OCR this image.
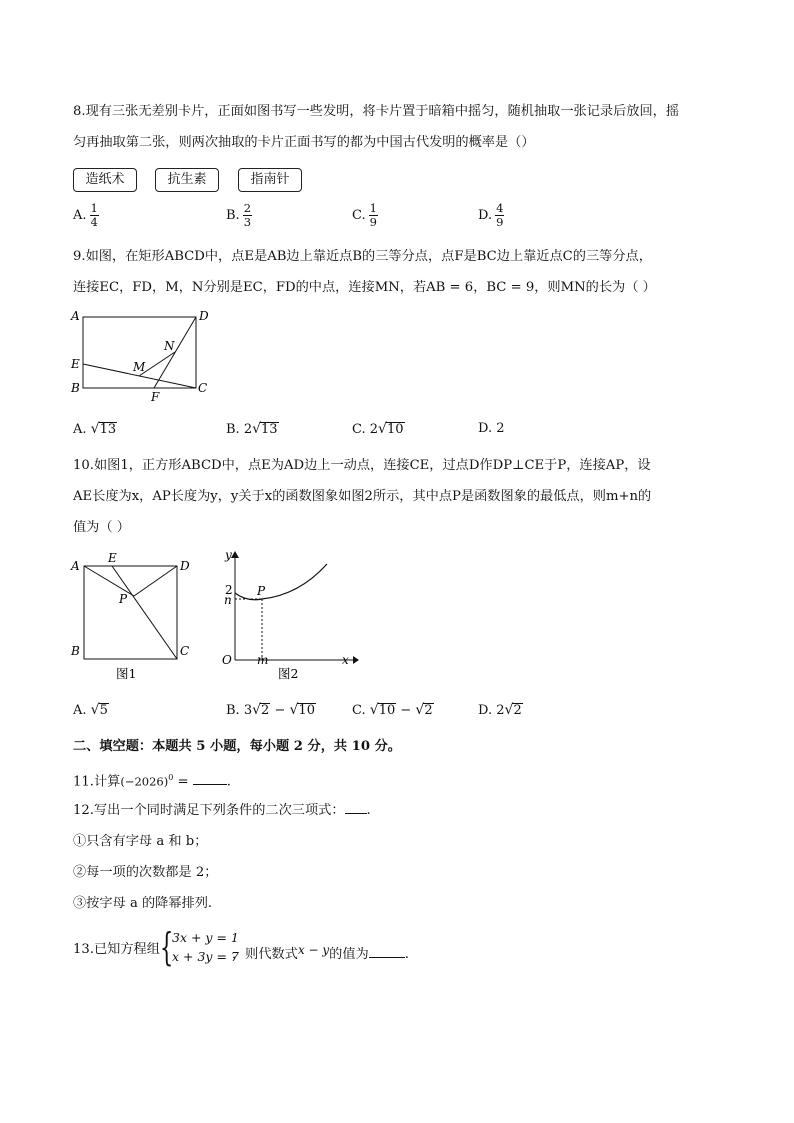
8.现有三张无差别卡片，正面如图书写一些发明，将卡片置于暗箱中摇匀，随机抽取一张记录后放回，摇
匀再抽取第二张，则两次抽取的卡片正面书写的都为中国古代发明的概率是（）
造纸术	抗生素	指南针
A. $\frac{1}{4}$	B. $\frac{2}{3}$	C. $\frac{1}{9}$	D. $\frac{4}{9}$
9.如图，在矩形ABCD中，点E是AB边上靠近点B的三等分点，点F是BC边上靠近点C的三等分点，
连接EC，FD，M，N分别是EC，FD的中点，连接MN，若AB = 6，BC = 9，则MN的长为（ ）
A	D
E
N
M
B
F
C
A. √13	B. 2√13	C. 2√10	D. 2
10.如图1，正方形ABCD中，点E为AD边上一动点，连接CE，过点D作DP⊥CE于P，连接AP，设
AE长度为x，AP长度为y，y关于x的函数图象如图2所示，其中点P是函数图象的最低点，则m+n的
值为（ ）
A
E
D
P
B	C
图1
y
2
n
P
O m	x
图2
A. √5	B. 3√2 − √10	C. √10 − √2	D. 2√2
二、填空题：本题共 5 小题，每小题 2 分，共 10 分。
11.计算$(-2026)^0$ =	.
12.写出一个同时满足下列条件的二次三项式： .
①只含有字母 a 和 b；
②每一项的次数都是 2；
③按字母 a 的降幂排列.
13.已知方程组 {
3x + y = 1
x + 3y = 7
，则代数式x − y的值为	.
